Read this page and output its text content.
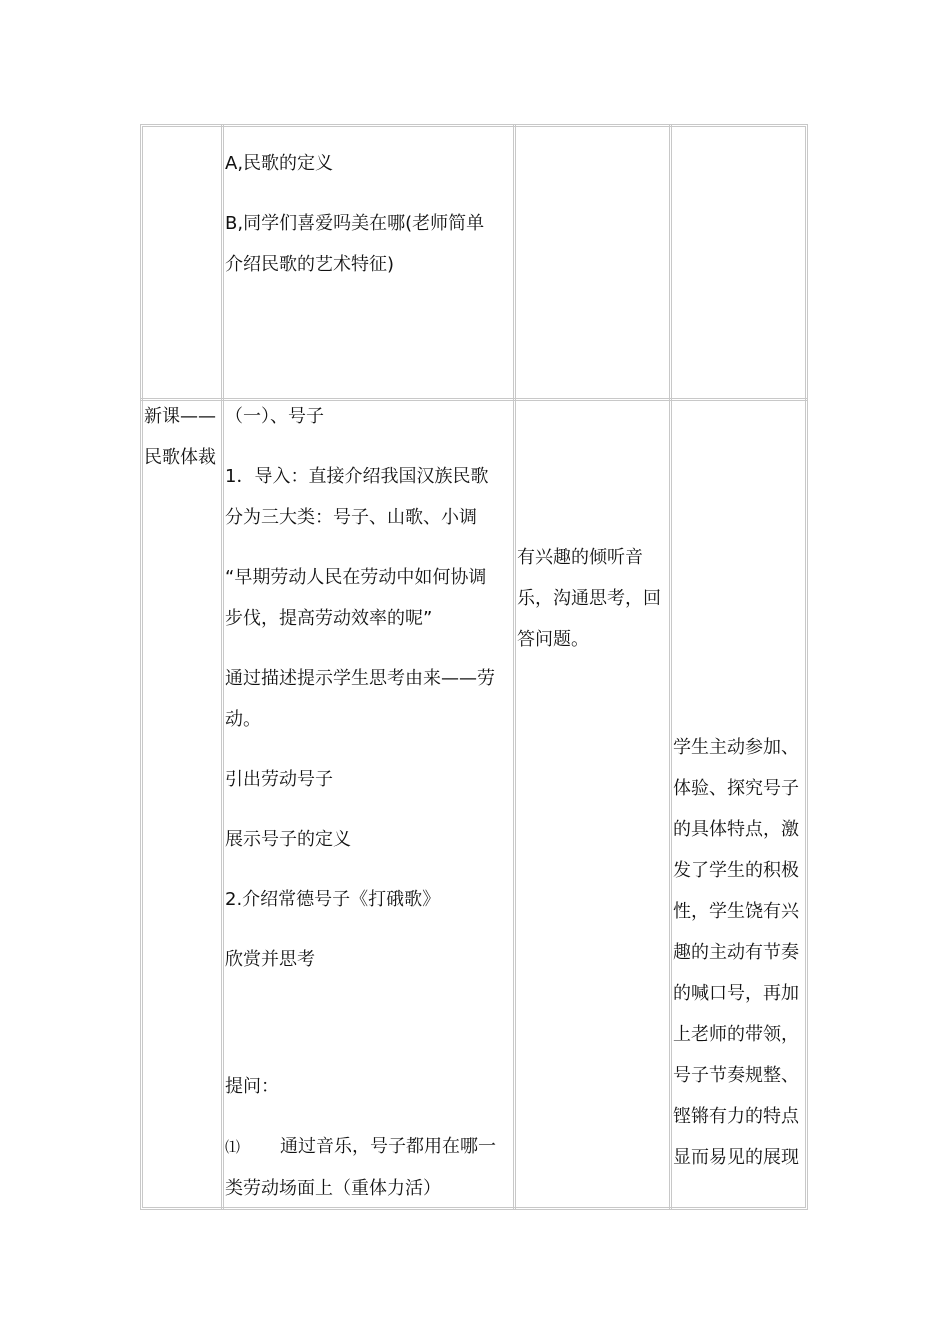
A,民歌的定义

B,同学们喜爱吗美在哪(老师简单

介绍民歌的艺术特征)

新课——

民歌体裁

（一）、号子

1．导入：直接介绍我国汉族民歌

分为三大类：号子、山歌、小调

“早期劳动人民在劳动中如何协调

步伐，提高劳动效率的呢”

通过描述提示学生思考由来——劳

动。

引出劳动号子

展示号子的定义

2.介绍常德号子《打硪歌》

欣赏并思考

提问：

⑴ 通过音乐，号子都用在哪一

类劳动场面上（重体力活）

有兴趣的倾听音

乐，沟通思考，回

答问题。

学生主动参加、

体验、探究号子

的具体特点，激

发了学生的积极

性，学生饶有兴

趣的主动有节奏

的喊口号，再加

上老师的带领，

号子节奏规整、

铿锵有力的特点

显而易见的展现
